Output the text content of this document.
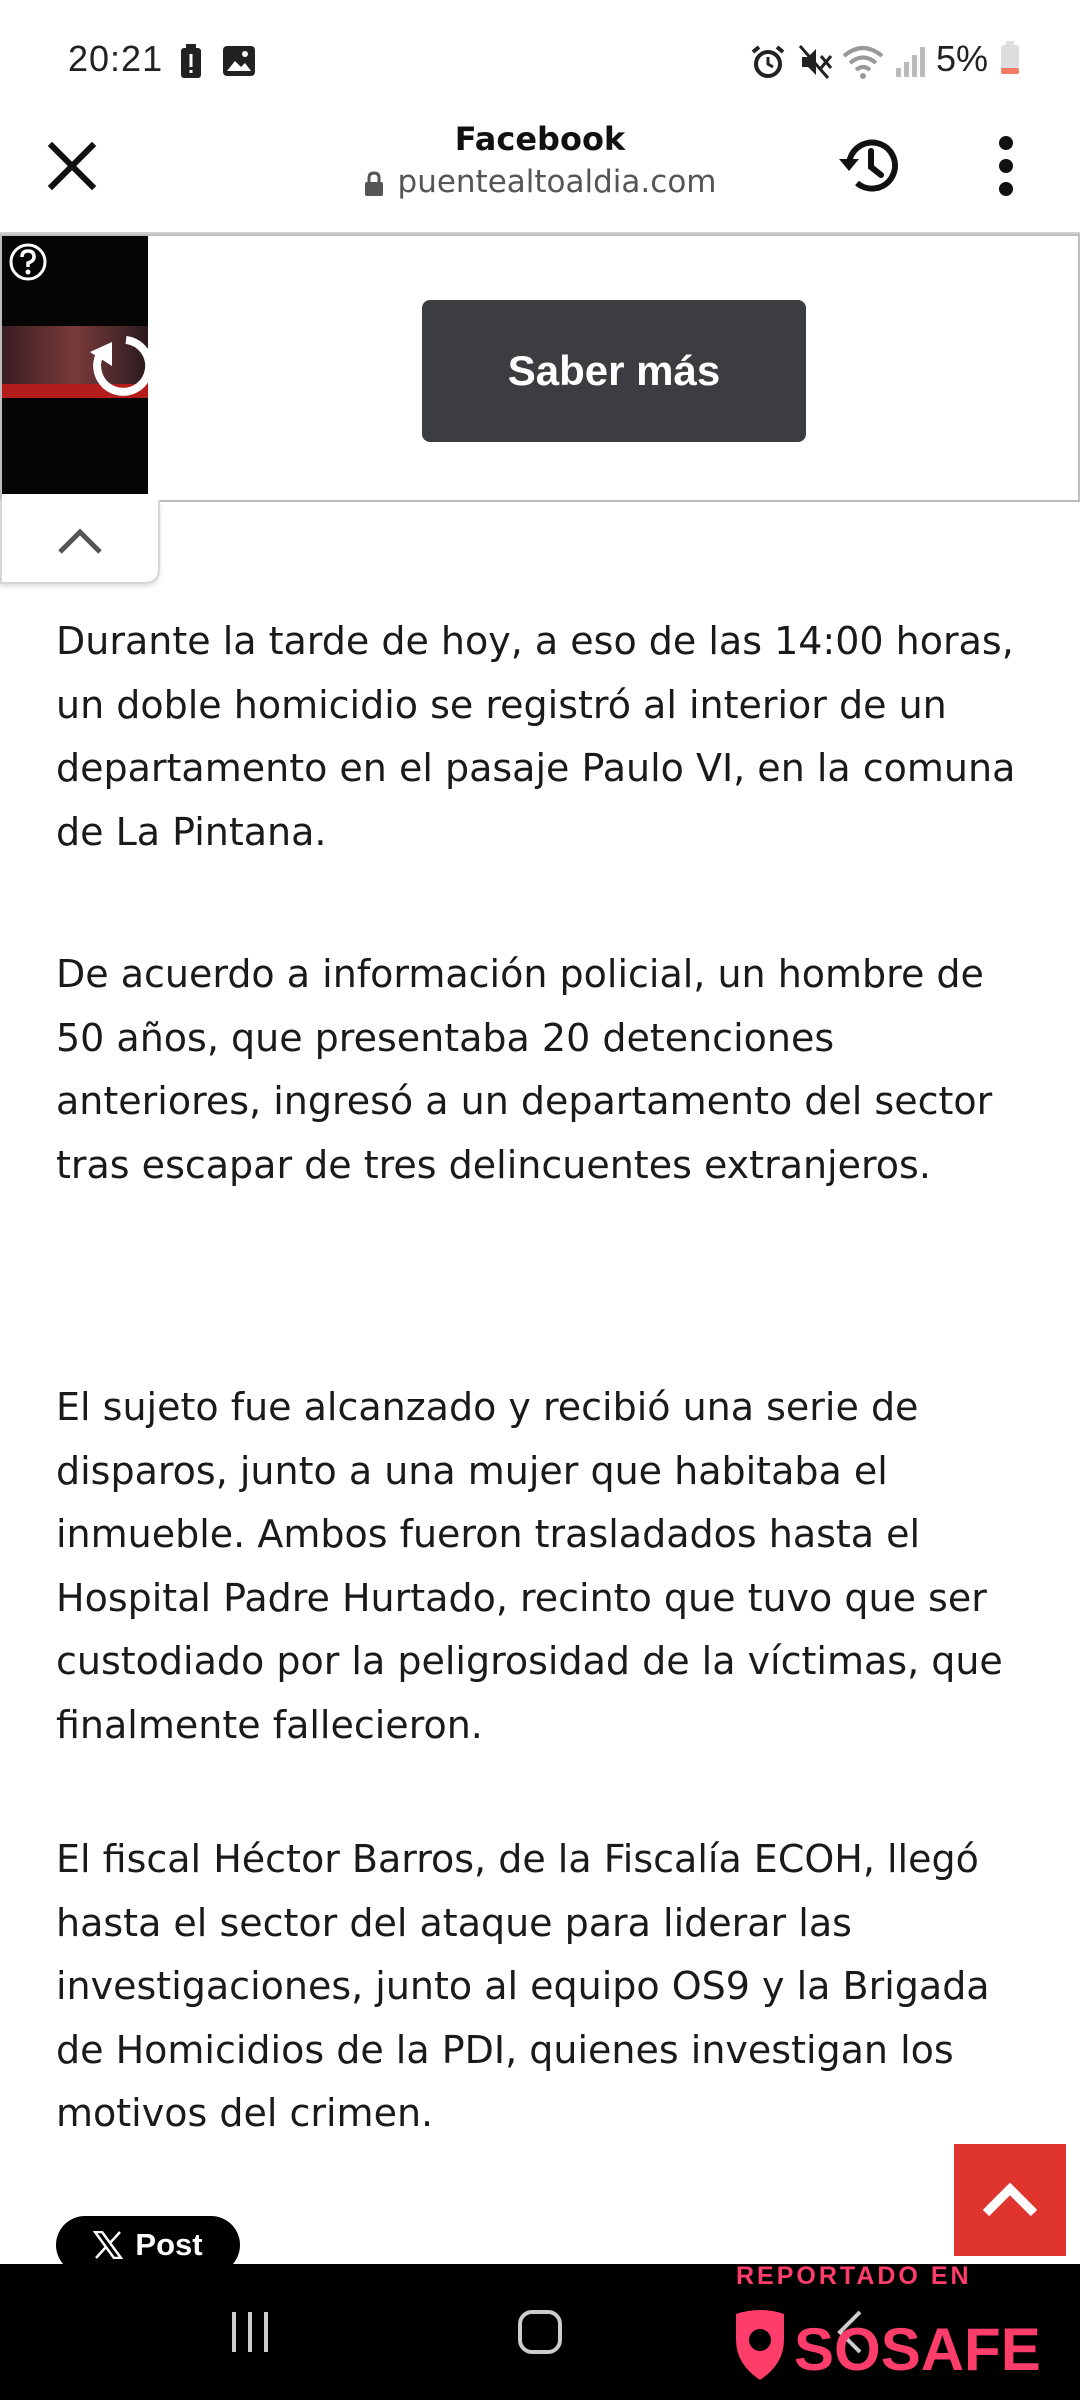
20:21	5%
Facebook
puentealtoaldia.com
Saber más

Durante la tarde de hoy, a eso de las 14:00 horas, un doble homicidio se registró al interior de un departamento en el pasaje Paulo VI, en la comuna de La Pintana.

De acuerdo a información policial, un hombre de 50 años, que presentaba 20 detenciones anteriores, ingresó a un departamento del sector tras escapar de tres delincuentes extranjeros.

El sujeto fue alcanzado y recibió una serie de disparos, junto a una mujer que habitaba el inmueble. Ambos fueron trasladados hasta el Hospital Padre Hurtado, recinto que tuvo que ser custodiado por la peligrosidad de la víctimas, que finalmente fallecieron.

El fiscal Héctor Barros, de la Fiscalía ECOH, llegó hasta el sector del ataque para liderar las investigaciones, junto al equipo OS9 y la Brigada de Homicidios de la PDI, quienes investigan los motivos del crimen.

Post
REPORTADO EN
SOSAFE
